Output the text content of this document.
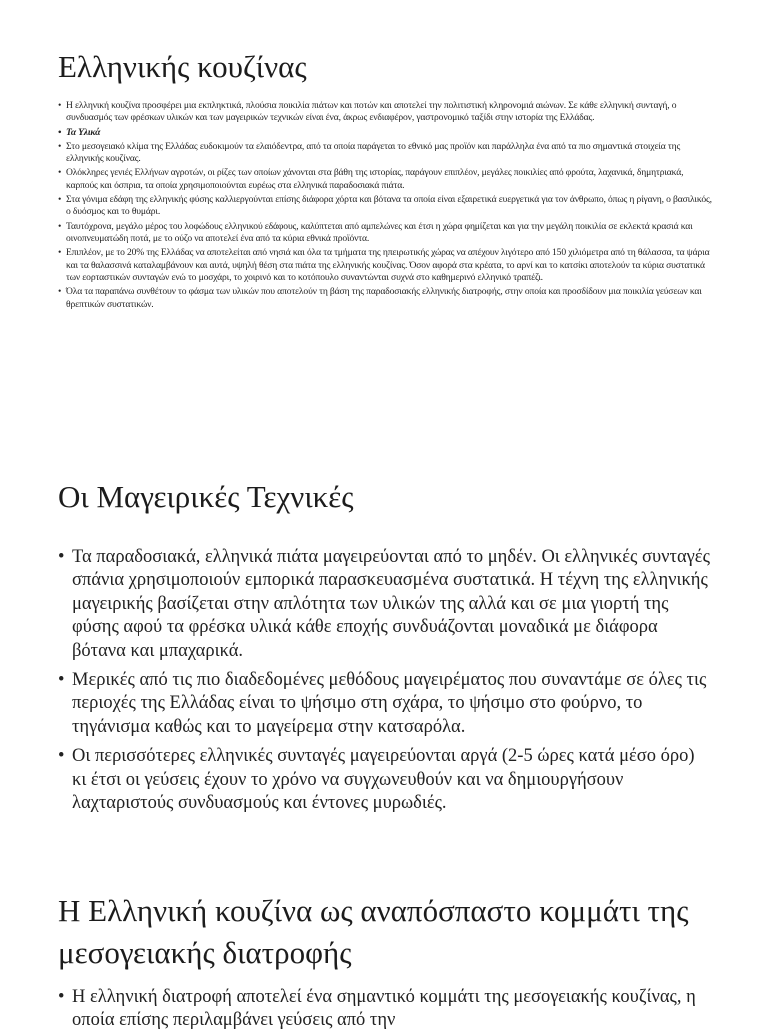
Ελληνικής κουζίνας
• Η ελληνική κουζίνα προσφέρει μια εκπληκτικά, πλούσια ποικιλία πιάτων και ποτών και αποτελεί την πολιτιστική κληρονομιά αιώνων. Σε κάθε ελληνική συνταγή, ο συνδυασμός των φρέσκων υλικών και των μαγειρικών τεχνικών είναι ένα, άκρως ενδιαφέρον, γαστρονομικό ταξίδι στην ιστορία της Ελλάδας.
• Τα Υλικά
• Στο μεσογειακό κλίμα της Ελλάδας ευδοκιμούν τα ελαιόδεντρα, από τα οποία παράγεται το εθνικό μας προϊόν και παράλληλα ένα από τα πιο σημαντικά στοιχεία της ελληνικής κουζίνας.
• Ολόκληρες γενιές Ελλήνων αγροτών, οι ρίζες των οποίων χάνονται στα βάθη της ιστορίας, παράγουν επιπλέον, μεγάλες ποικιλίες από φρούτα, λαχανικά, δημητριακά, καρπούς και όσπρια, τα οποία χρησιμοποιούνται ευρέως στα ελληνικά παραδοσιακά πιάτα.
• Στα γόνιμα εδάφη της ελληνικής φύσης καλλιεργούνται επίσης διάφορα χόρτα και βότανα τα οποία είναι εξαιρετικά ευεργετικά για τον άνθρωπο, όπως η ρίγανη, ο βασιλικός, ο δυόσμος και το θυμάρι.
• Ταυτόχρονα, μεγάλο μέρος του λοφώδους ελληνικού εδάφους, καλύπτεται από αμπελώνες και έτσι η χώρα φημίζεται και για την μεγάλη ποικιλία σε εκλεκτά κρασιά και οινοπνευματώδη ποτά, με το ούζο να αποτελεί ένα από τα κύρια εθνικά προϊόντα.
• Επιπλέον, με το 20% της Ελλάδας να αποτελείται από νησιά και όλα τα τμήματα της ηπειρωτικής χώρας να απέχουν λιγότερο από 150 χιλιόμετρα από τη θάλασσα, τα ψάρια και τα θαλασσινά καταλαμβάνουν και αυτά, υψηλή θέση στα πιάτα της ελληνικής κουζίνας. Όσον αφορά στα κρέατα, το αρνί και το κατσίκι αποτελούν τα κύρια συστατικά των εορταστικών συνταγών ενώ το μοσχάρι, το χοιρινό και το κοτόπουλο συναντώνται συχνά στο καθημερινό ελληνικό τραπέζι.
• Όλα τα παραπάνω συνθέτουν το φάσμα των υλικών που αποτελούν τη βάση της παραδοσιακής ελληνικής διατροφής, στην οποία και προσδίδουν μια ποικιλία γεύσεων και θρεπτικών συστατικών.
Οι Μαγειρικές Τεχνικές
• Τα παραδοσιακά, ελληνικά πιάτα μαγειρεύονται από το μηδέν. Οι ελληνικές συνταγές σπάνια χρησιμοποιούν εμπορικά παρασκευασμένα συστατικά. Η τέχνη της ελληνικής μαγειρικής βασίζεται στην απλότητα των υλικών της αλλά και σε μια γιορτή της φύσης αφού τα φρέσκα υλικά κάθε εποχής συνδυάζονται μοναδικά με διάφορα βότανα και μπαχαρικά.
• Μερικές από τις πιο διαδεδομένες μεθόδους μαγειρέματος που συναντάμε σε όλες τις περιοχές της Ελλάδας είναι το ψήσιμο στη σχάρα, το ψήσιμο στο φούρνο, το τηγάνισμα καθώς και το μαγείρεμα στην κατσαρόλα.
• Οι περισσότερες ελληνικές συνταγές μαγειρεύονται αργά (2-5 ώρες κατά μέσο όρο) κι έτσι οι γεύσεις έχουν το χρόνο να συγχωνευθούν και να δημιουργήσουν λαχταριστούς συνδυασμούς και έντονες μυρωδιές.
Η Ελληνική κουζίνα ως αναπόσπαστο κομμάτι της μεσογειακής διατροφής
• Η ελληνική διατροφή αποτελεί ένα σημαντικό κομμάτι της μεσογειακής κουζίνας, η οποία επίσης περιλαμβάνει γεύσεις από την
